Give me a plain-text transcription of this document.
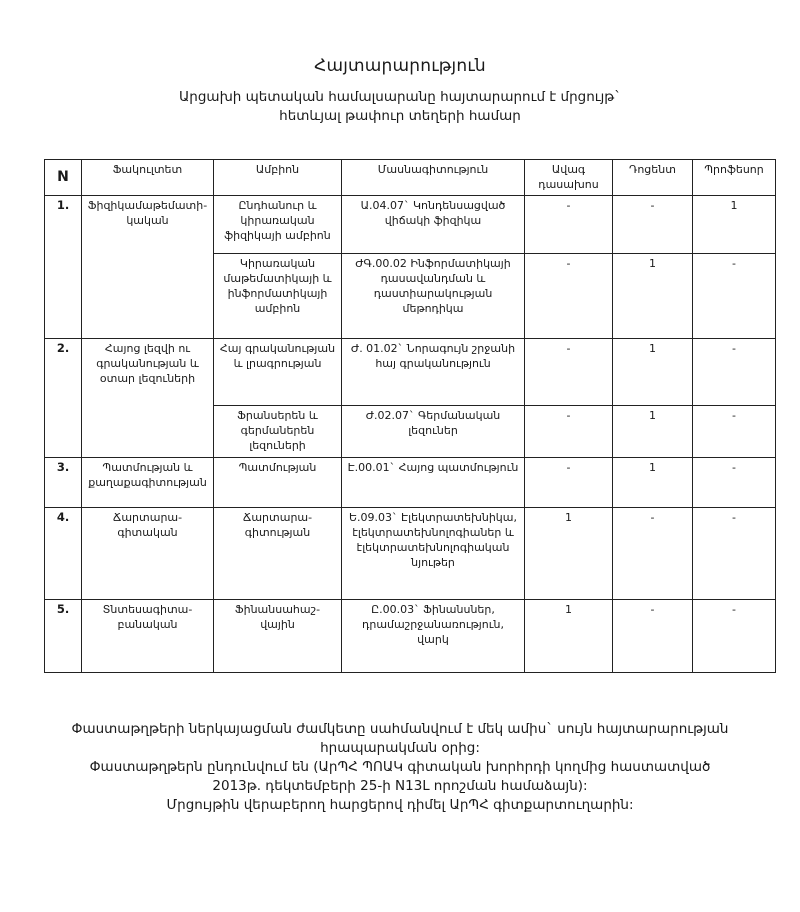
Հայտարարություն
Արցախի պետական համալսարանը հայտարարում է մրցույթ`
հետևյալ թափուր տեղերի համար
N	Ֆակուլտետ	Ամբիոն	Մասնագիտություն	Ավագ դասախոս	Դոցենտ	Պրոֆեսոր
1.	Ֆիզիկամաթեմատի-կական	Ընդհանուր և կիրառական ֆիզիկայի ամբիոն	Ա.04.07` Կոնդենսացված վիճակի ֆիզիկա	-	-	1
		Կիրառական մաթեմատիկայի և ինֆորմատիկայի ամբիոն	ԺԳ.00.02 Ինֆորմատիկայի դասավանդման և դաստիարակության մեթոդիկա	-	1	-
2.	Հայոց լեզվի ու գրականության և օտար լեզուների	Հայ գրականության և լրագրության	Ժ. 01.02` Նորագույն շրջանի հայ գրականություն	-	1	-
		Ֆրանսերեն և գերմաներեն լեզուների	Ժ.02.07` Գերմանական լեզուներ	-	1	-
3.	Պատմության և քաղաքագիտության	Պատմության	Է.00.01` Հայոց պատմություն	-	1	-
4.	Ճարտարա-գիտական	Ճարտարա-գիտության	Ե.09.03` Էլեկտրատեխնիկա, էլեկտրատեխնոլոգիաներ և էլեկտրատեխնոլոգիական նյութեր	1	-	-
5.	Տնտեսագիտա-բանական	Ֆինանսահաշ-վային	Ը.00.03` Ֆինանսներ, դրամաշրջանառություն, վարկ	1	-	-
Փաստաթղթերի ներկայացման ժամկետը սահմանվում է մեկ ամիս` սույն հայտարարության
հրապարակման օրից:
Փաստաթղթերն ընդունվում են (ԱրՊՀ ՊՈԱԿ գիտական խորհրդի կողմից հաստատված
2013թ. դեկտեմբերի 25-ի N13Լ որոշման համաձայն):
Մրցույթին վերաբերող հարցերով դիմել ԱրՊՀ գիտքարտուղարին:
